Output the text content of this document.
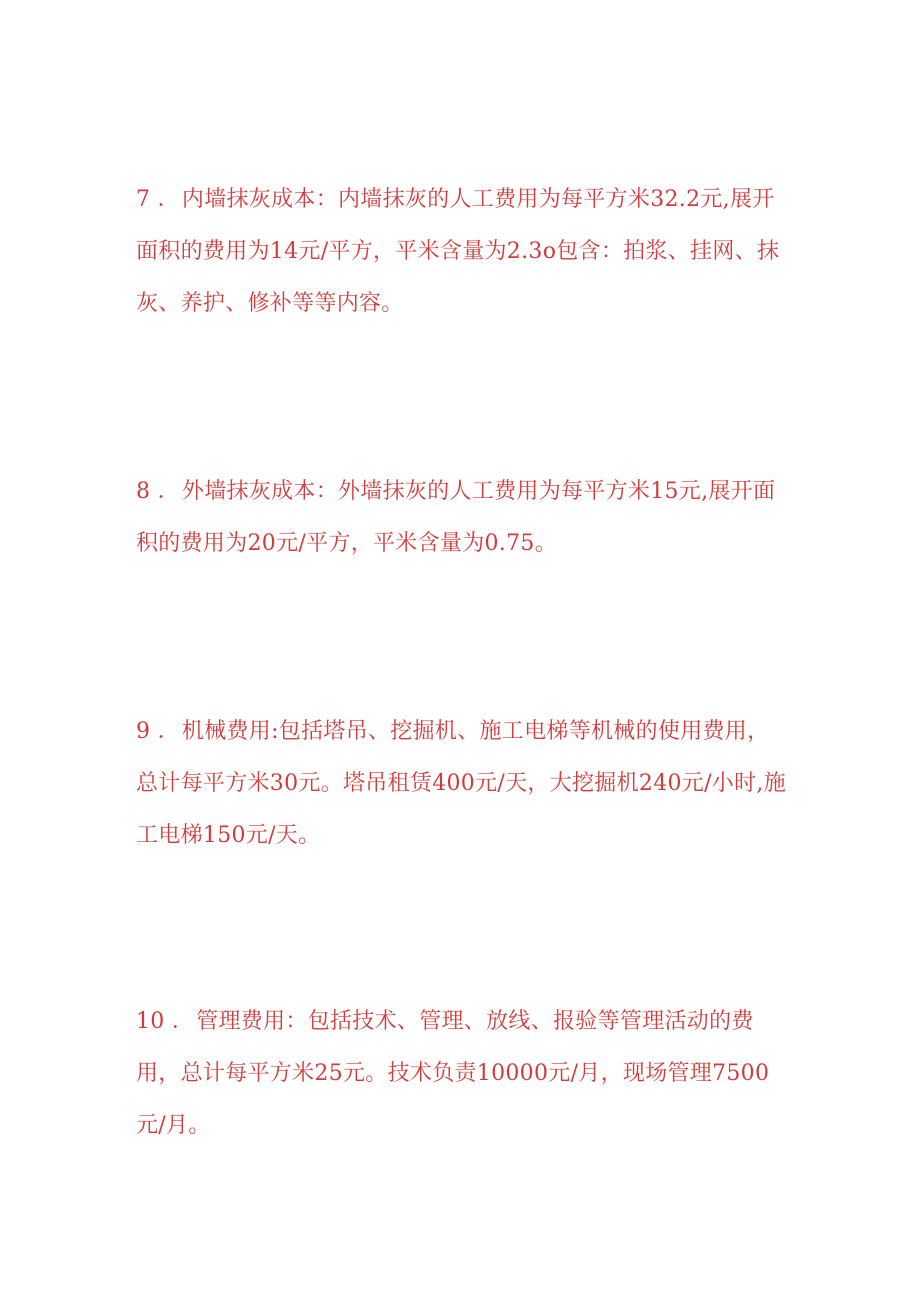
7 ．内墙抹灰成本：内墙抹灰的人工费用为每平方米32.2元,展开面积的费用为14元/平方，平米含量为2.3o包含：拍浆、挂网、抹灰、养护、修补等等内容。

8 ．外墙抹灰成本：外墙抹灰的人工费用为每平方米15元,展开面积的费用为20元/平方，平米含量为0.75。

9 ．机械费用:包括塔吊、挖掘机、施工电梯等机械的使用费用，总计每平方米30元。塔吊租赁400元/天，大挖掘机240元/小时,施工电梯150元/天。

10 ．管理费用：包括技术、管理、放线、报验等管理活动的费用，总计每平方米25元。技术负责10000元/月，现场管理7500元/月。
